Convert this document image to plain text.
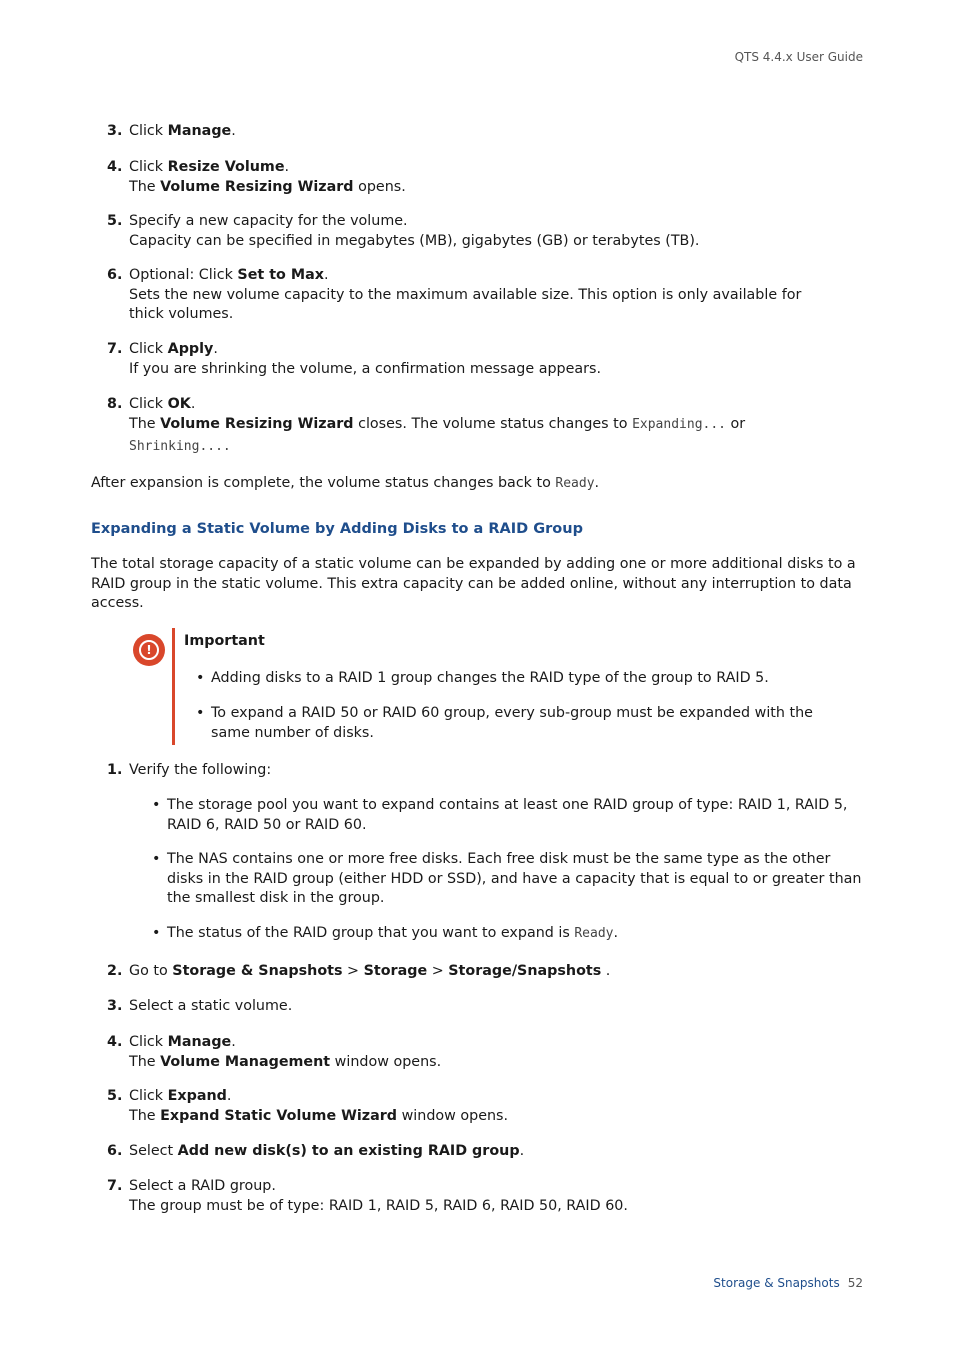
QTS 4.4.x User Guide
3. Click Manage.
4. Click Resize Volume.
The Volume Resizing Wizard opens.
5. Specify a new capacity for the volume.
Capacity can be specified in megabytes (MB), gigabytes (GB) or terabytes (TB).
6. Optional: Click Set to Max.
Sets the new volume capacity to the maximum available size. This option is only available for thick volumes.
7. Click Apply.
If you are shrinking the volume, a confirmation message appears.
8. Click OK.
The Volume Resizing Wizard closes. The volume status changes to Expanding... or
Shrinking....
After expansion is complete, the volume status changes back to Ready.
Expanding a Static Volume by Adding Disks to a RAID Group
The total storage capacity of a static volume can be expanded by adding one or more additional disks to a RAID group in the static volume. This extra capacity can be added online, without any interruption to data access.
!
Important
• Adding disks to a RAID 1 group changes the RAID type of the group to RAID 5.
• To expand a RAID 50 or RAID 60 group, every sub-group must be expanded with the same number of disks.
1. Verify the following:
• The storage pool you want to expand contains at least one RAID group of type: RAID 1, RAID 5, RAID 6, RAID 50 or RAID 60.
• The NAS contains one or more free disks. Each free disk must be the same type as the other disks in the RAID group (either HDD or SSD), and have a capacity that is equal to or greater than the smallest disk in the group.
• The status of the RAID group that you want to expand is Ready.
2. Go to Storage & Snapshots > Storage > Storage/Snapshots .
3. Select a static volume.
4. Click Manage.
The Volume Management window opens.
5. Click Expand.
The Expand Static Volume Wizard window opens.
6. Select Add new disk(s) to an existing RAID group.
7. Select a RAID group.
The group must be of type: RAID 1, RAID 5, RAID 6, RAID 50, RAID 60.
Storage & Snapshots 52
